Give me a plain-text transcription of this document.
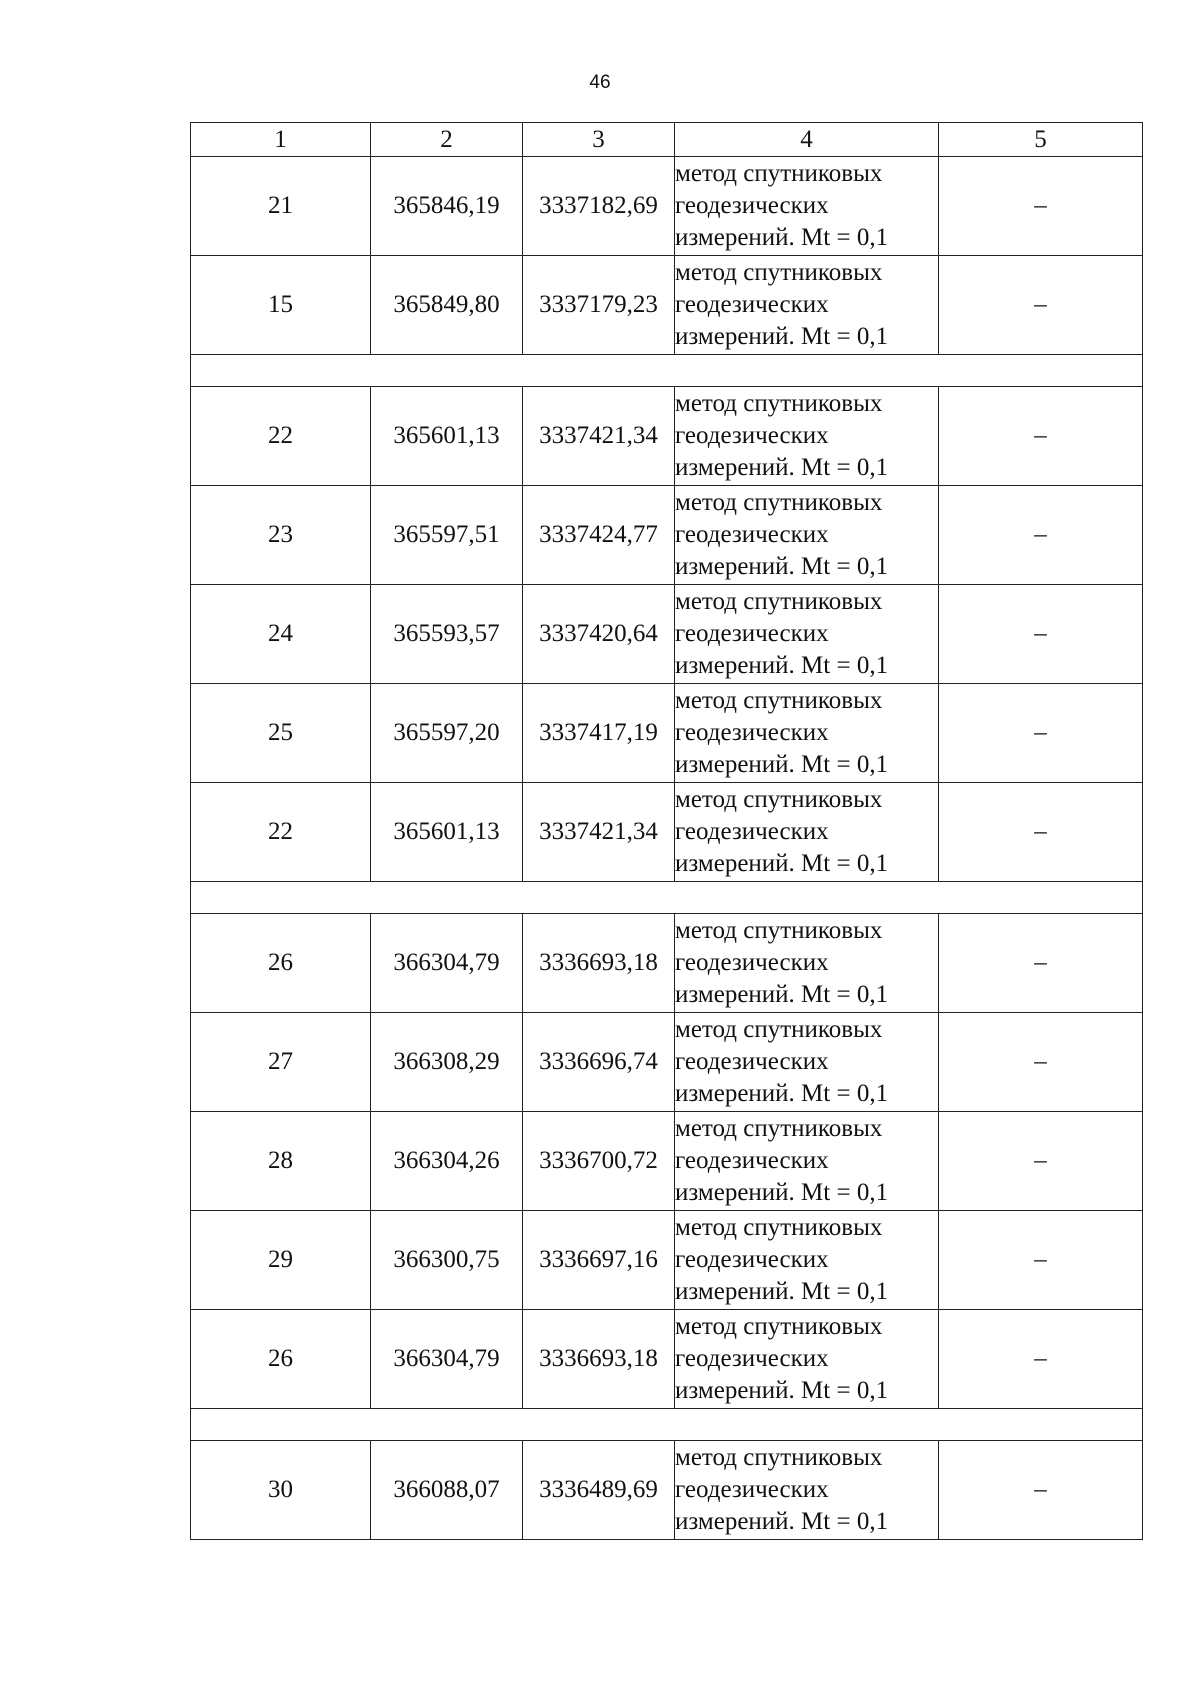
46
1	2	3	4	5
21	365846,19	3337182,69	метод спутниковых
геодезических
измерений. Mt = 0,1	–
15	365849,80	3337179,23	метод спутниковых
геодезических
измерений. Mt = 0,1	–

22	365601,13	3337421,34	метод спутниковых
геодезических
измерений. Mt = 0,1	–
23	365597,51	3337424,77	метод спутниковых
геодезических
измерений. Mt = 0,1	–
24	365593,57	3337420,64	метод спутниковых
геодезических
измерений. Mt = 0,1	–
25	365597,20	3337417,19	метод спутниковых
геодезических
измерений. Mt = 0,1	–
22	365601,13	3337421,34	метод спутниковых
геодезических
измерений. Mt = 0,1	–

26	366304,79	3336693,18	метод спутниковых
геодезических
измерений. Mt = 0,1	–
27	366308,29	3336696,74	метод спутниковых
геодезических
измерений. Mt = 0,1	–
28	366304,26	3336700,72	метод спутниковых
геодезических
измерений. Mt = 0,1	–
29	366300,75	3336697,16	метод спутниковых
геодезических
измерений. Mt = 0,1	–
26	366304,79	3336693,18	метод спутниковых
геодезических
измерений. Mt = 0,1	–

30	366088,07	3336489,69	метод спутниковых
геодезических
измерений. Mt = 0,1	–
